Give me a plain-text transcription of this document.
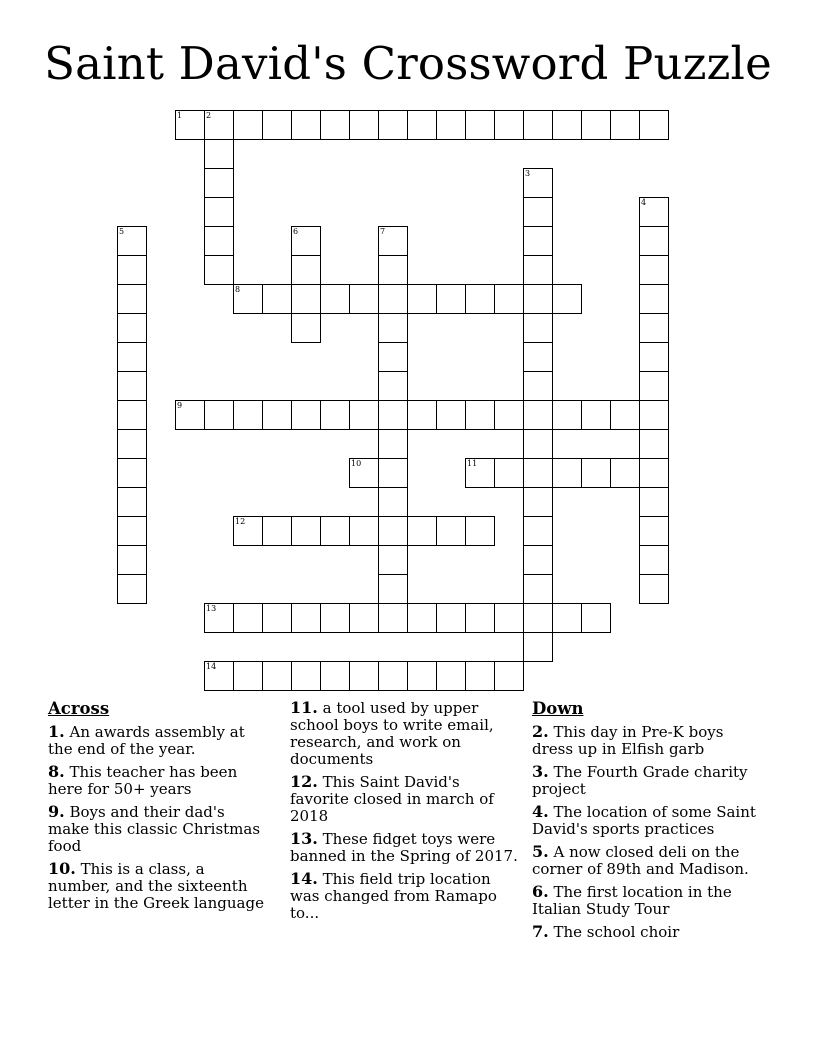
Saint David's Crossword Puzzle
1	2
3
4
5	6	7
8
9
10	11
12
13
14
Across
1. An awards assembly at the end of the year.
8. This teacher has been here for 50+ years
9. Boys and their dad's make this classic Christmas food
10. This is a class, a number, and the sixteenth letter in the Greek language
11. a tool used by upper school boys to write email, research, and work on documents
12. This Saint David's favorite closed in march of 2018
13. These fidget toys were banned in the Spring of 2017.
14. This field trip location was changed from Ramapo to...
Down
2. This day in Pre-K boys dress up in Elfish garb
3. The Fourth Grade charity project
4. The location of some Saint David's sports practices
5. A now closed deli on the corner of 89th and Madison.
6. The first location in the Italian Study Tour
7. The school choir
